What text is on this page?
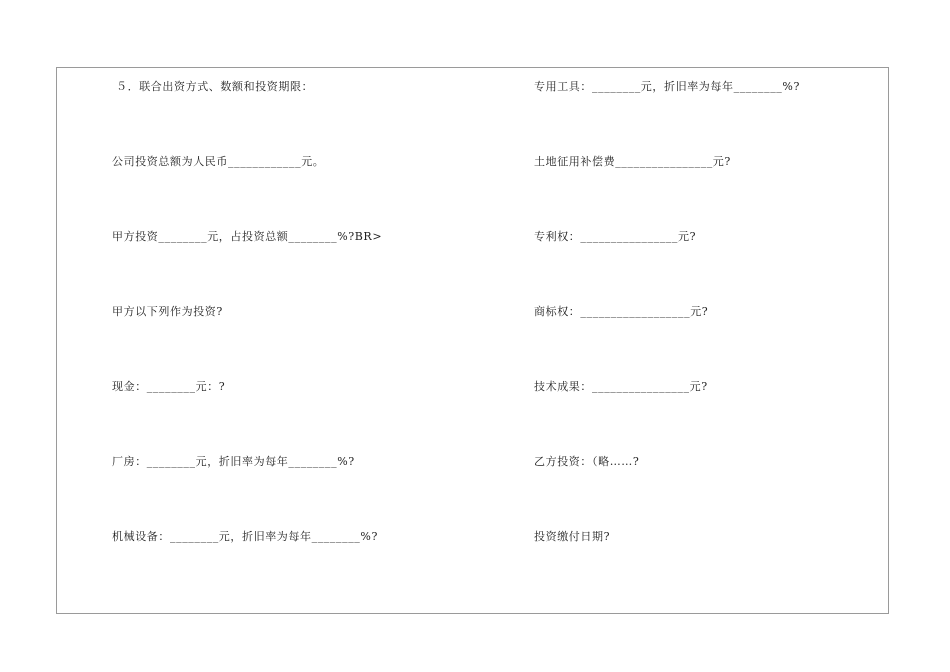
５．联合出资方式、数额和投资期限：
公司投资总额为人民币____________元。
甲方投资________元，占投资总额________%?BR>
甲方以下列作为投资?
现金：________元：?
厂房：________元，折旧率为每年________%?
机械设备：________元，折旧率为每年________%?
专用工具：________元，折旧率为每年________%?
土地征用补偿费________________元?
专利权：________________元?
商标权：__________________元?
技术成果：________________元?
乙方投资：（略……?
投资缴付日期?
